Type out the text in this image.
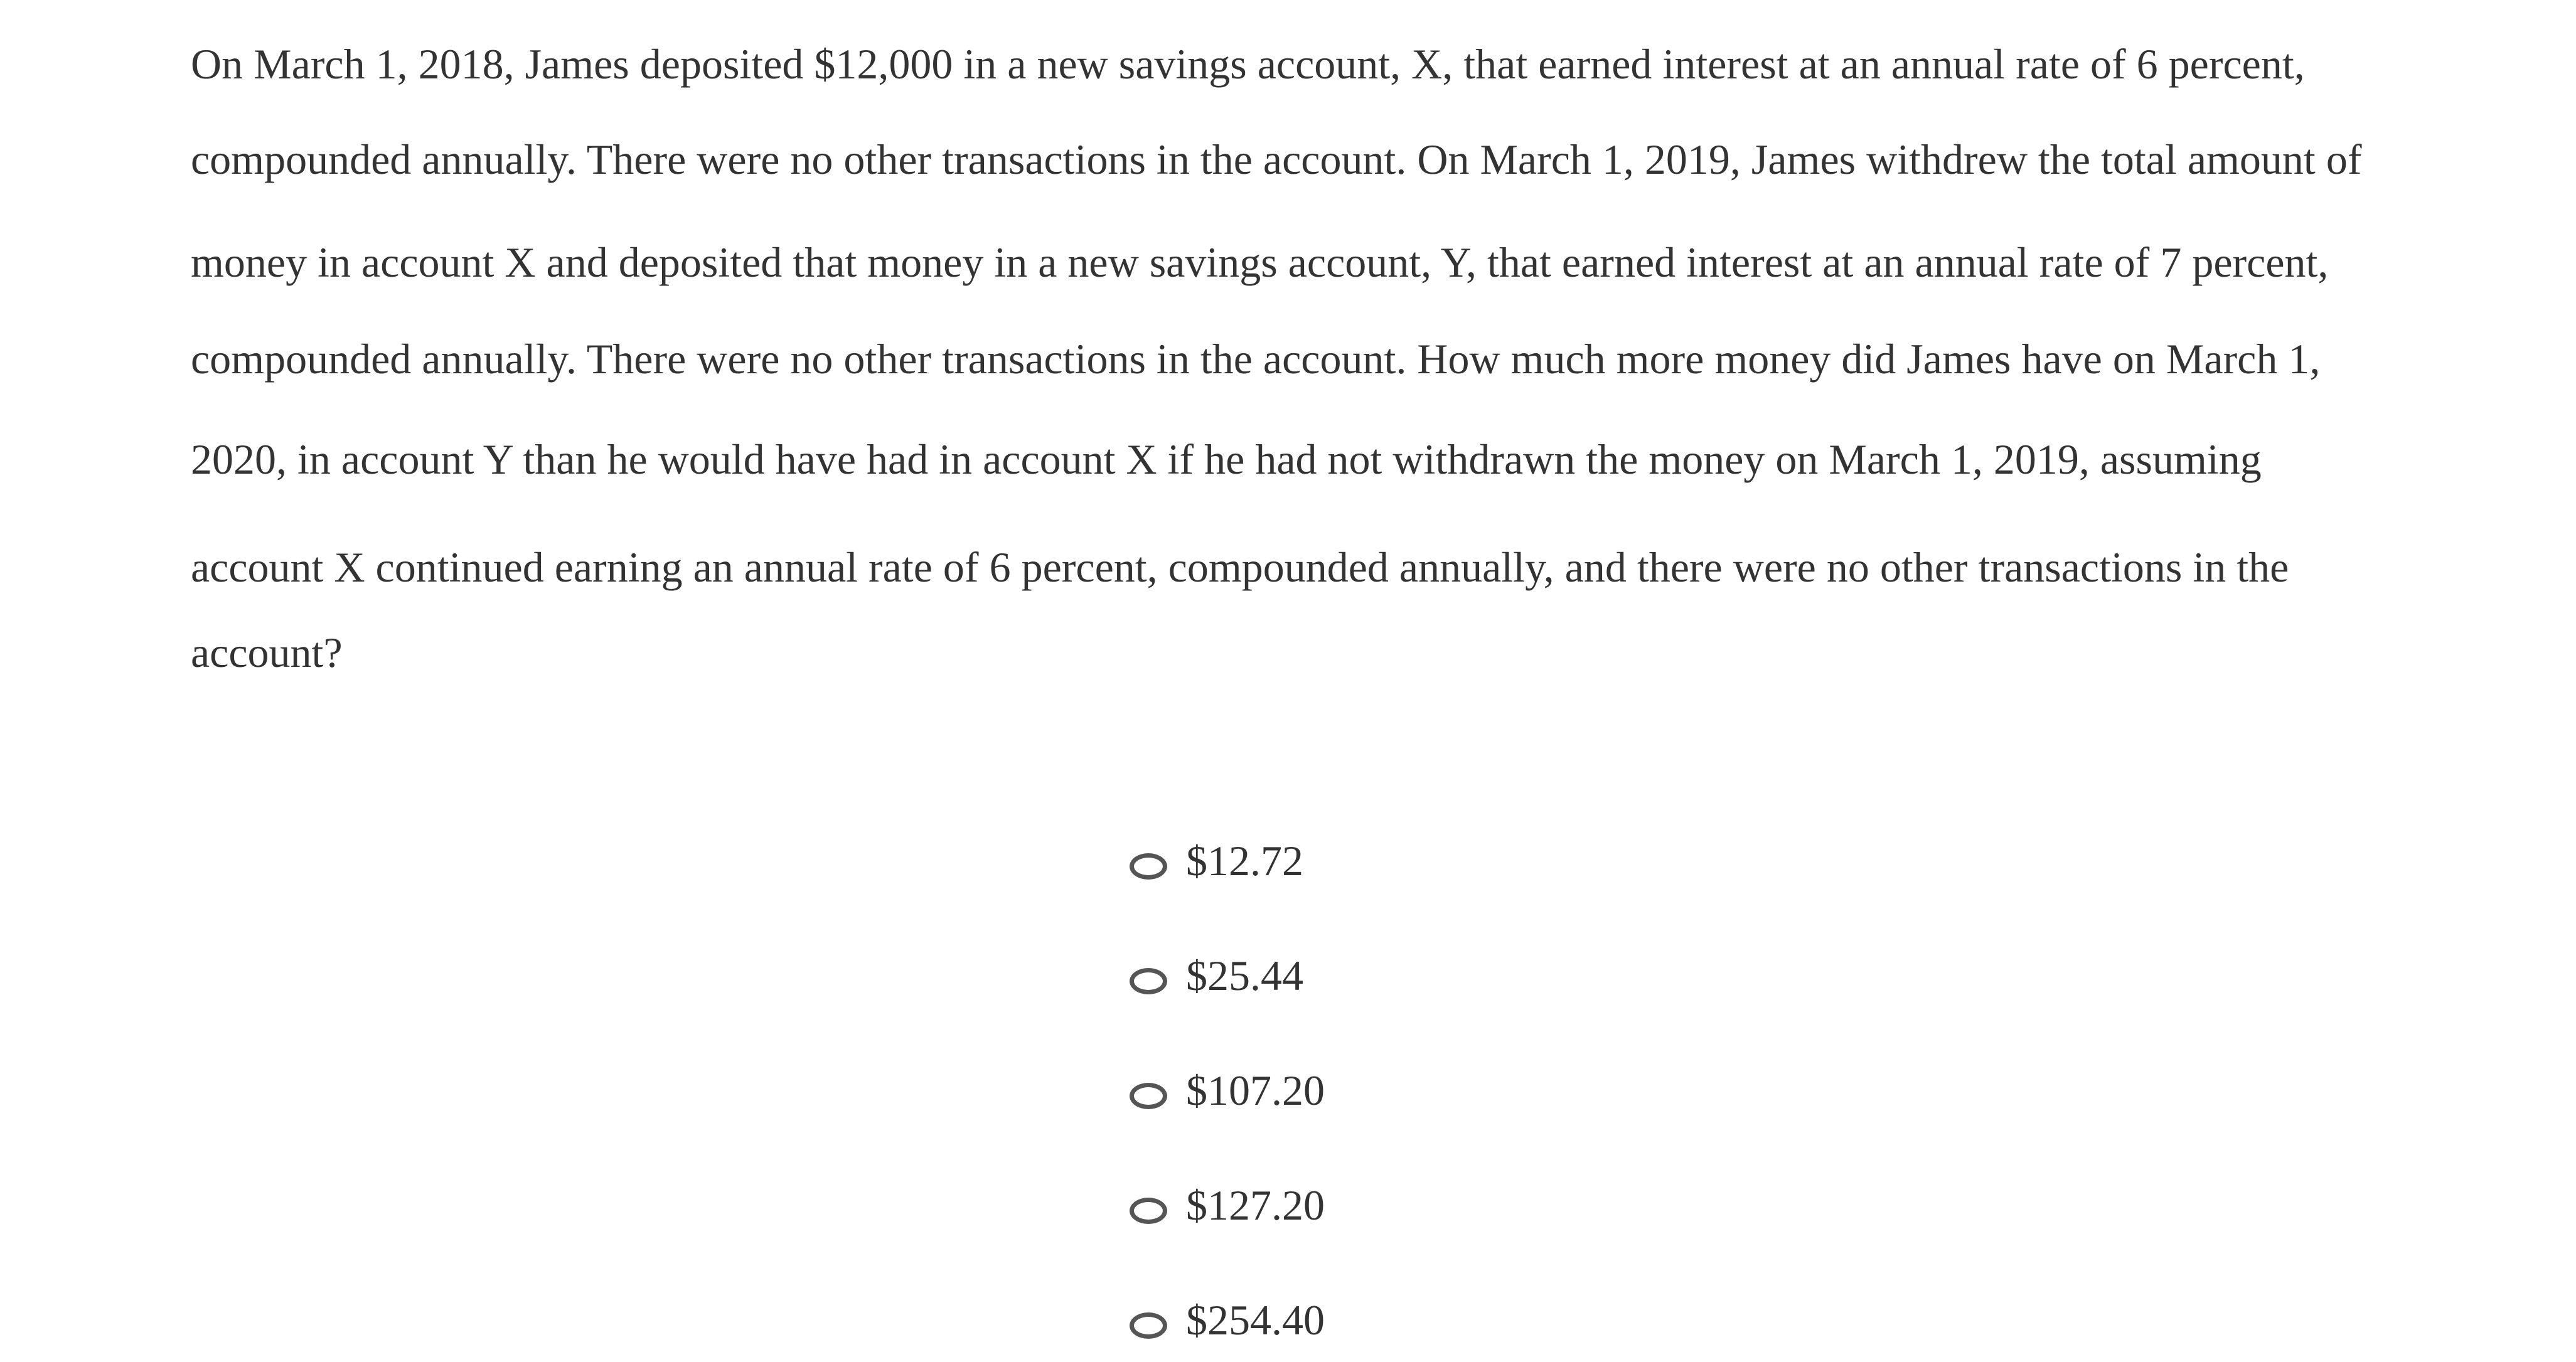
On March 1, 2018, James deposited $12,000 in a new savings account, X, that earned interest at an annual rate of 6 percent,
compounded annually. There were no other transactions in the account. On March 1, 2019, James withdrew the total amount of
money in account X and deposited that money in a new savings account, Y, that earned interest at an annual rate of 7 percent,
compounded annually. There were no other transactions in the account. How much more money did James have on March 1,
2020, in account Y than he would have had in account X if he had not withdrawn the money on March 1, 2019, assuming
account X continued earning an annual rate of 6 percent, compounded annually, and there were no other transactions in the
account?
$12.72
$25.44
$107.20
$127.20
$254.40
